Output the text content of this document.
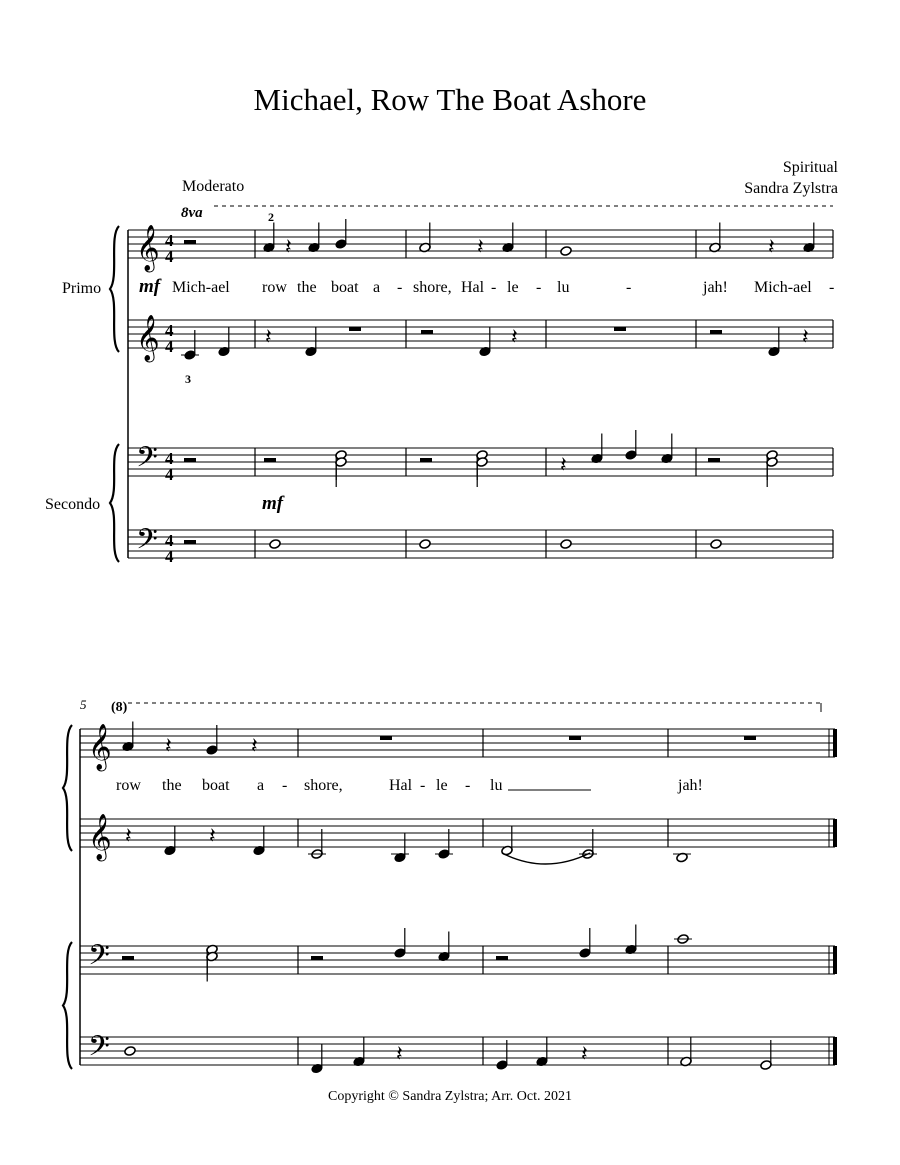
Michael, Row The Boat Ashore
Spiritual
Sandra Zylstra
Moderato
Primo
Secondo
𝄞
𝄞
𝄢
𝄢
𝄞
𝄞
𝄢
𝄢
𝄽	𝄽	𝄽
𝄽	𝄽	𝄽
𝄽
𝄽	𝄽
𝄽	𝄽
𝄽	𝄽
8va
(8)
5
2
3
mf
mf
4
4
4
4
4
4
4
4
Mich-ael row the boat a - shore, Hal - le - lu	-	jah! Mich-ael -
row the boat a - shore,	Hal - le - lu	jah!
Copyright © Sandra Zylstra; Arr. Oct. 2021
